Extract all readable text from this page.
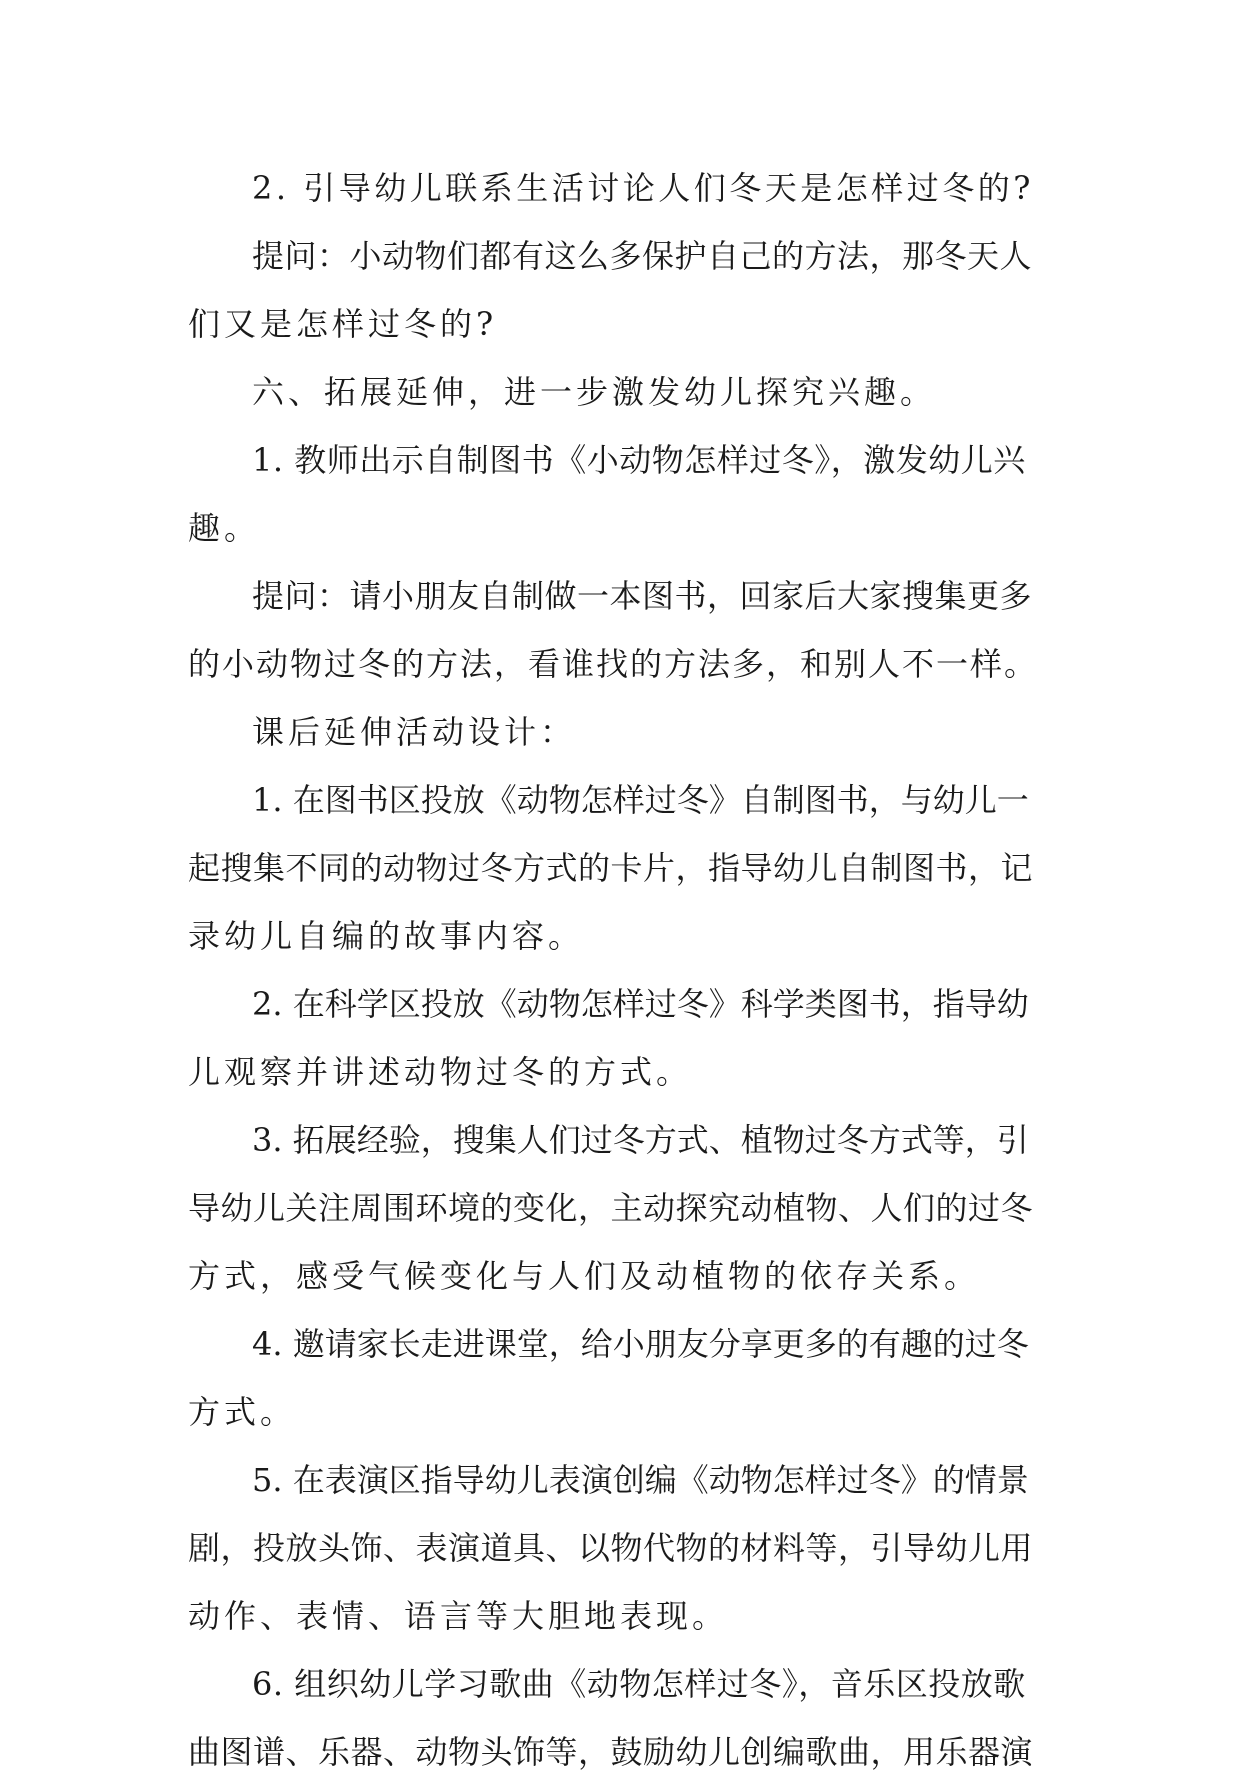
2. 引导幼儿联系生活讨论人们冬天是怎样过冬的?
提问：小动物们都有这么多保护自己的方法，那冬天人
们又是怎样过冬的?
六、拓展延伸，进一步激发幼儿探究兴趣。
1. 教师出示自制图书《小动物怎样过冬》，激发幼儿兴
趣。
提问：请小朋友自制做一本图书，回家后大家搜集更多
的小动物过冬的方法，看谁找的方法多，和别人不一样。
课后延伸活动设计：
1. 在图书区投放《动物怎样过冬》自制图书，与幼儿一
起搜集不同的动物过冬方式的卡片，指导幼儿自制图书，记
录幼儿自编的故事内容。
2. 在科学区投放《动物怎样过冬》科学类图书，指导幼
儿观察并讲述动物过冬的方式。
3. 拓展经验，搜集人们过冬方式、植物过冬方式等，引
导幼儿关注周围环境的变化，主动探究动植物、人们的过冬
方式，感受气候变化与人们及动植物的依存关系。
4. 邀请家长走进课堂，给小朋友分享更多的有趣的过冬
方式。
5. 在表演区指导幼儿表演创编《动物怎样过冬》的情景
剧，投放头饰、表演道具、以物代物的材料等，引导幼儿用
动作、表情、语言等大胆地表现。
6. 组织幼儿学习歌曲《动物怎样过冬》，音乐区投放歌
曲图谱、乐器、动物头饰等，鼓励幼儿创编歌曲，用乐器演
